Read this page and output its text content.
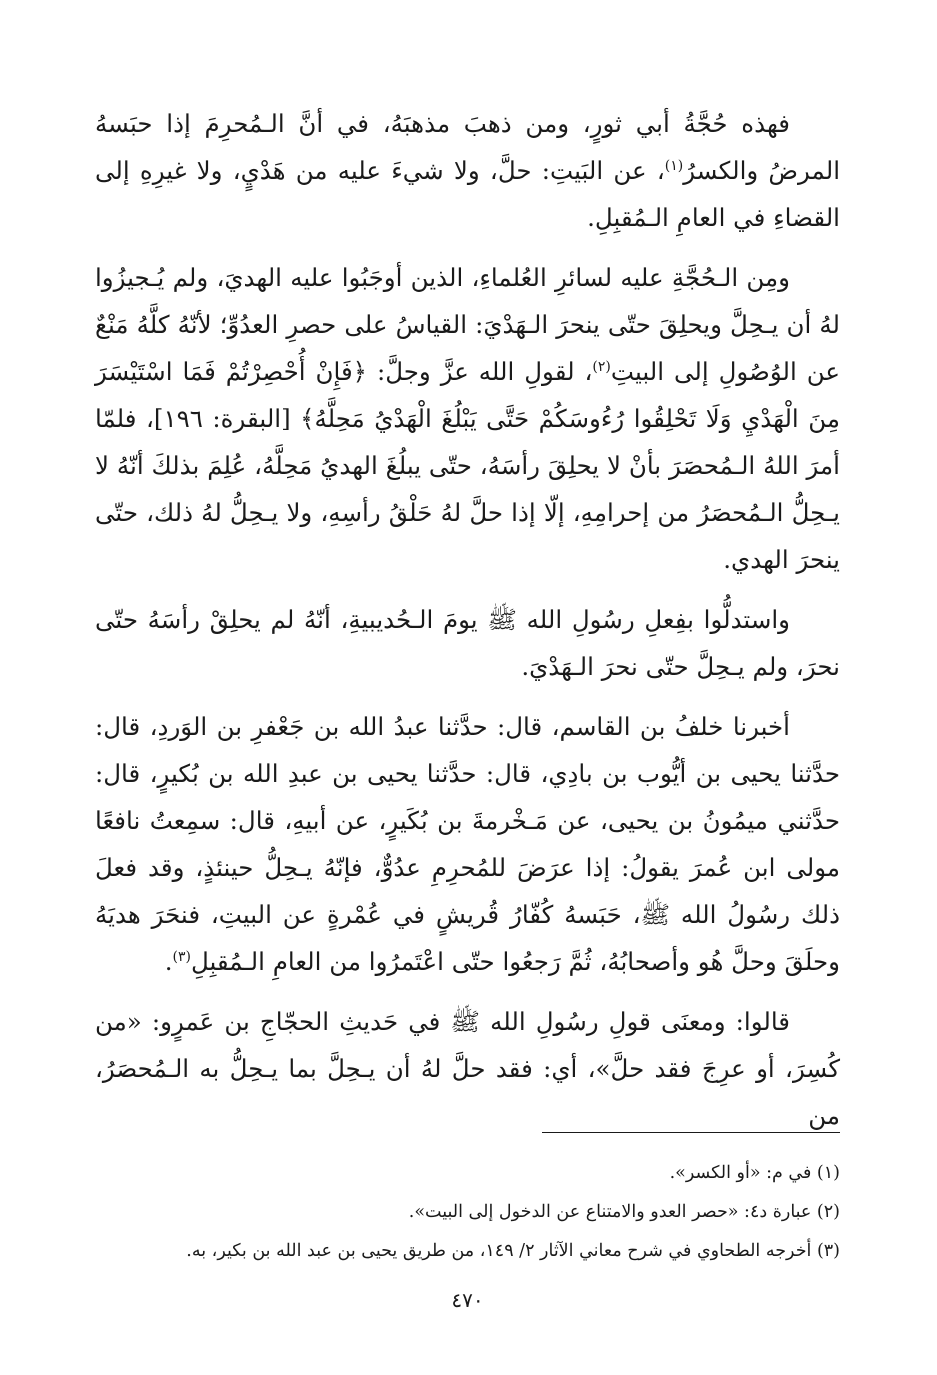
فهذه حُجَّةُ أبي ثورٍ، ومن ذهبَ مذهبَهُ، في أنَّ الـمُحرِمَ إذا حبَسهُ المرضُ والكسرُ$^{(١)}$، عن البَيتِ: حلَّ، ولا شيءَ عليه من هَدْيٍ، ولا غيرِهِ إلى القضاءِ في العامِ الـمُقبِلِ.

ومِن الـحُجَّةِ عليه لسائرِ العُلماءِ، الذين أوجَبُوا عليه الهديَ، ولم يُـجيزُوا لهُ أن يـحِلَّ ويحلِقَ حتّى ينحرَ الـهَدْيَ: القياسُ على حصرِ العدُوِّ؛ لأنّهُ كلَّهُ مَنْعٌ عن الوُصُولِ إلى البيتِ$^{(٢)}$، لقولِ الله عزَّ وجلَّ: ﴿فَإِنْ أُحْصِرْتُمْ فَمَا اسْتَيْسَرَ مِنَ الْهَدْيِ وَلَا تَحْلِقُوا رُءُوسَكُمْ حَتَّى يَبْلُغَ الْهَدْيُ مَحِلَّهُ﴾ [البقرة: ١٩٦]، فلمّا أمرَ اللهُ الـمُحصَرَ بأنْ لا يحلِقَ رأسَهُ، حتّى يبلُغَ الهديُ مَحِلَّهُ، عُلِمَ بذلكَ أنّهُ لا يـحِلُّ الـمُحصَرُ من إحرامِهِ، إلّا إذا حلَّ لهُ حَلْقُ رأسِهِ، ولا يـحِلُّ لهُ ذلك، حتّى ينحرَ الهدي.

واستدلُّوا بفِعلِ رسُولِ الله ﷺ يومَ الـحُديبيةِ، أنّهُ لم يحلِقْ رأسَهُ حتّى نحرَ، ولم يـحِلَّ حتّى نحرَ الـهَدْيَ.

أخبرنا خلفُ بن القاسم، قال: حدَّثنا عبدُ الله بن جَعْفرِ بن الوَردِ، قال: حدَّثنا يحيى بن أيُّوب بن بادِي، قال: حدَّثنا يحيى بن عبدِ الله بن بُكيرٍ، قال: حدَّثني ميمُونُ بن يحيى، عن مَـخْرمةَ بن بُكَيرٍ، عن أبيهِ، قال: سمِعتُ نافعًا مولى ابن عُمرَ يقولُ: إذا عرَضَ للمُحرِمِ عدُوٌّ، فإنّهُ يـحِلُّ حينئذٍ، وقد فعلَ ذلك رسُولُ الله ﷺ، حَبَسهُ كُفّارُ قُريشٍ في عُمْرةٍ عن البيتِ، فنحَرَ هديَهُ وحلَقَ وحلَّ هُو وأصحابُهُ، ثُمَّ رَجعُوا حتّى اعْتَمرُوا من العامِ الـمُقبِلِ$^{(٣)}$.

قالوا: ومعنَى قولِ رسُولِ الله ﷺ في حَديثِ الحجّاجِ بن عَمرٍو: «من كُسِرَ، أو عرِجَ فقد حلَّ»، أي: فقد حلَّ لهُ أن يـحِلَّ بما يـحِلُّ به الـمُحصَرُ، من

(١) في م: «أو الكسر».

(٢) عبارة د٤: «حصر العدو والامتناع عن الدخول إلى البيت».

(٣) أخرجه الطحاوي في شرح معاني الآثار ٢/ ١٤٩، من طريق يحيى بن عبد الله بن بكير، به.

٤٧٠
